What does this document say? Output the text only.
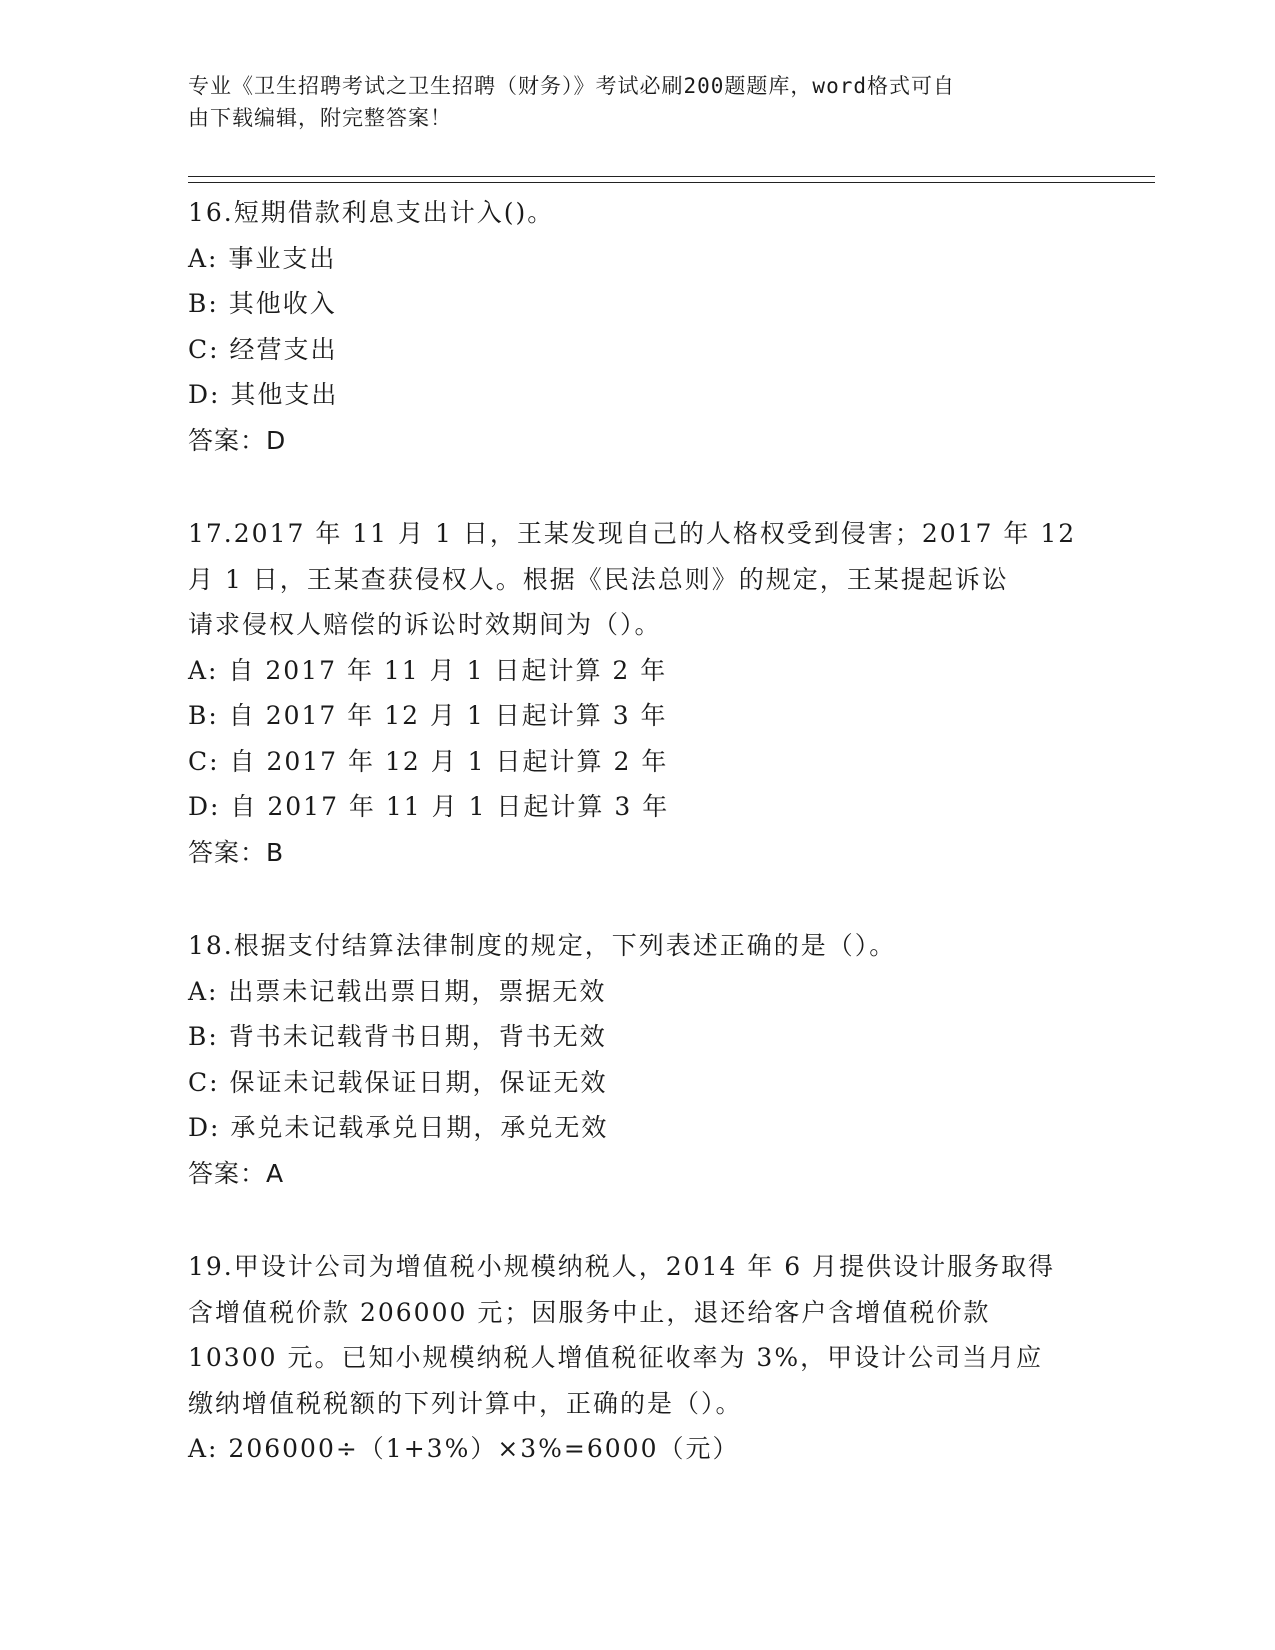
专业《卫生招聘考试之卫生招聘（财务）》考试必刷200题题库，word格式可自
由下载编辑，附完整答案！
16.短期借款利息支出计入()。
A: 事业支出
B: 其他收入
C: 经营支出
D: 其他支出
答案：D
17.2017 年 11 月 1 日，王某发现自己的人格权受到侵害；2017 年 12
月 1 日，王某查获侵权人。根据《民法总则》的规定，王某提起诉讼
请求侵权人赔偿的诉讼时效期间为（）。
A: 自 2017 年 11 月 1 日起计算 2 年
B: 自 2017 年 12 月 1 日起计算 3 年
C: 自 2017 年 12 月 1 日起计算 2 年
D: 自 2017 年 11 月 1 日起计算 3 年
答案：B
18.根据支付结算法律制度的规定，下列表述正确的是（）。
A: 出票未记载出票日期，票据无效
B: 背书未记载背书日期，背书无效
C: 保证未记载保证日期，保证无效
D: 承兑未记载承兑日期，承兑无效
答案：A
19.甲设计公司为增值税小规模纳税人，2014 年 6 月提供设计服务取得
含增值税价款 206000 元；因服务中止，退还给客户含增值税价款
10300 元。已知小规模纳税人增值税征收率为 3%，甲设计公司当月应
缴纳增值税税额的下列计算中，正确的是（）。
A: 206000÷（1+3%）×3%=6000（元）
